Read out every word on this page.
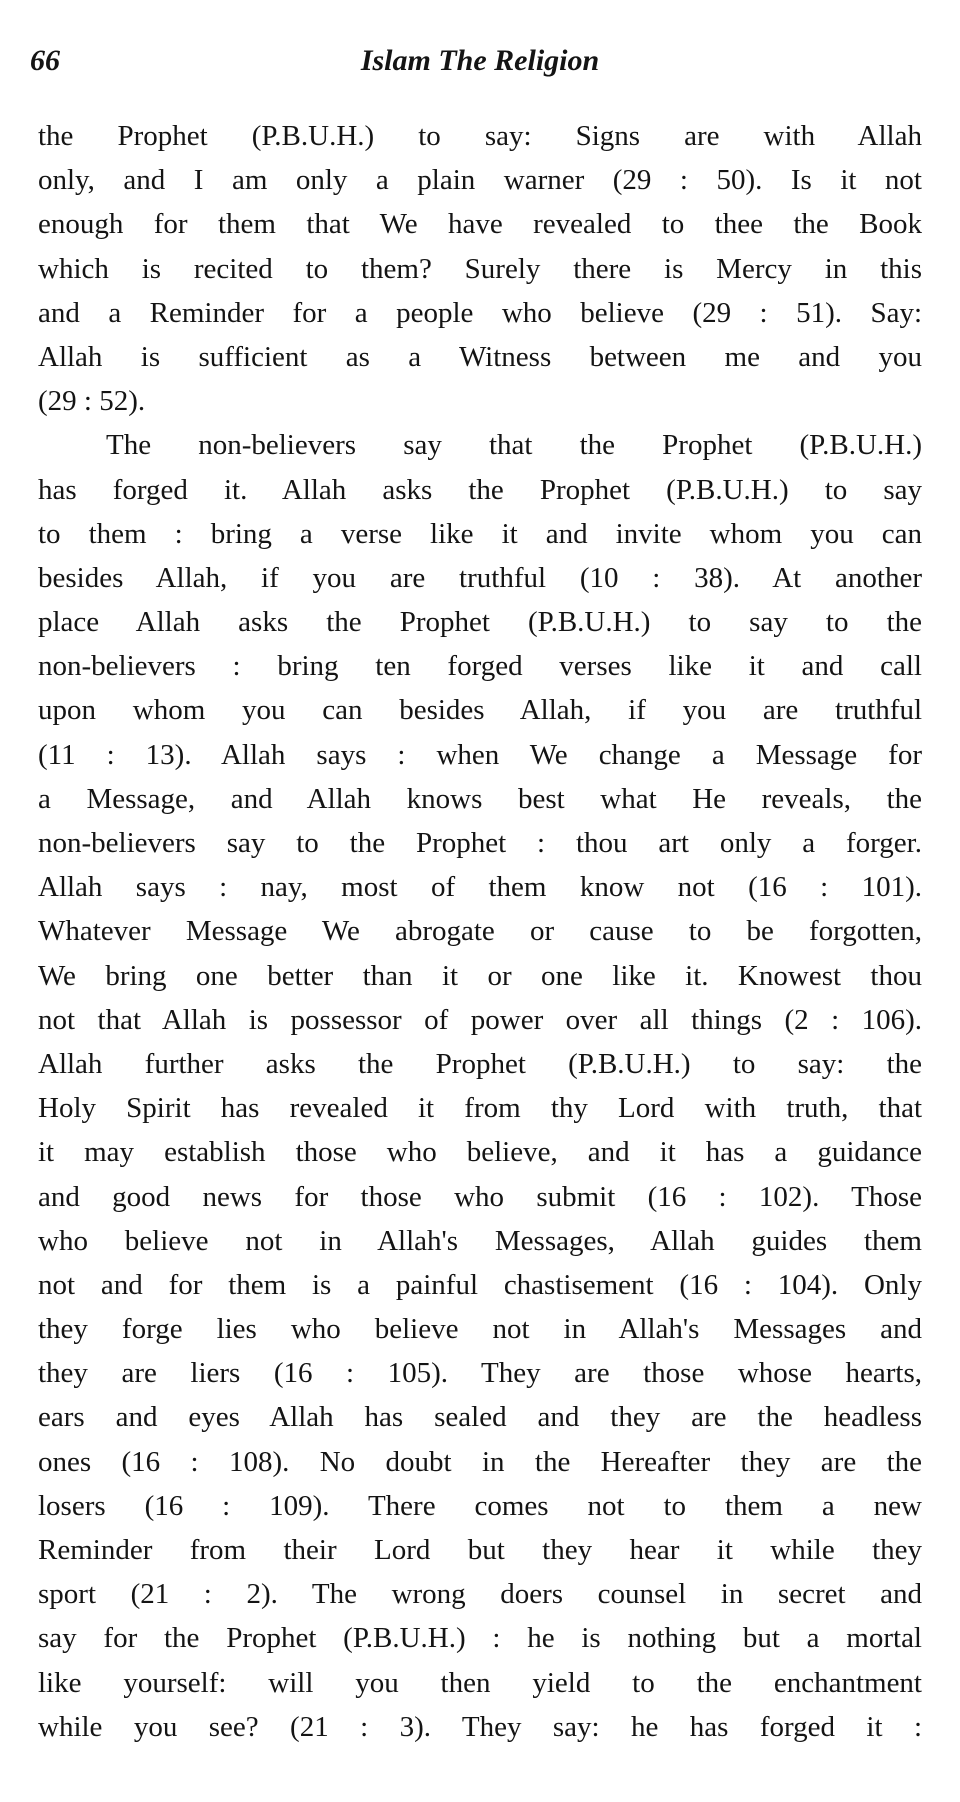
66	Islam The Religion
the Prophet (P.B.U.H.) to say: Signs are with Allah
only, and I am only a plain warner (29 : 50). Is it not
enough for them that We have revealed to thee the Book
which is recited to them? Surely there is Mercy in this
and a Reminder for a people who believe (29 : 51). Say:
Allah is sufficient as a Witness between me and you
(29 : 52).
The non-believers say that the Prophet (P.B.U.H.)
has forged it. Allah asks the Prophet (P.B.U.H.) to say
to them : bring a verse like it and invite whom you can
besides Allah, if you are truthful (10 : 38). At another
place Allah asks the Prophet (P.B.U.H.) to say to the
non-believers : bring ten forged verses like it and call
upon whom you can besides Allah, if you are truthful
(11 : 13). Allah says : when We change a Message for
a Message, and Allah knows best what He reveals, the
non-believers say to the Prophet : thou art only a forger.
Allah says : nay, most of them know not (16 : 101).
Whatever Message We abrogate or cause to be forgotten,
We bring one better than it or one like it. Knowest thou
not that Allah is possessor of power over all things (2 : 106).
Allah further asks the Prophet (P.B.U.H.) to say: the
Holy Spirit has revealed it from thy Lord with truth, that
it may establish those who believe, and it has a guidance
and good news for those who submit (16 : 102). Those
who believe not in Allah's Messages, Allah guides them
not and for them is a painful chastisement (16 : 104). Only
they forge lies who believe not in Allah's Messages and
they are liers (16 : 105). They are those whose hearts,
ears and eyes Allah has sealed and they are the headless
ones (16 : 108). No doubt in the Hereafter they are the
losers (16 : 109). There comes not to them a new
Reminder from their Lord but they hear it while they
sport (21 : 2). The wrong doers counsel in secret and
say for the Prophet (P.B.U.H.) : he is nothing but a mortal
like yourself: will you then yield to the enchantment
while you see? (21 : 3). They say: he has forged it :
